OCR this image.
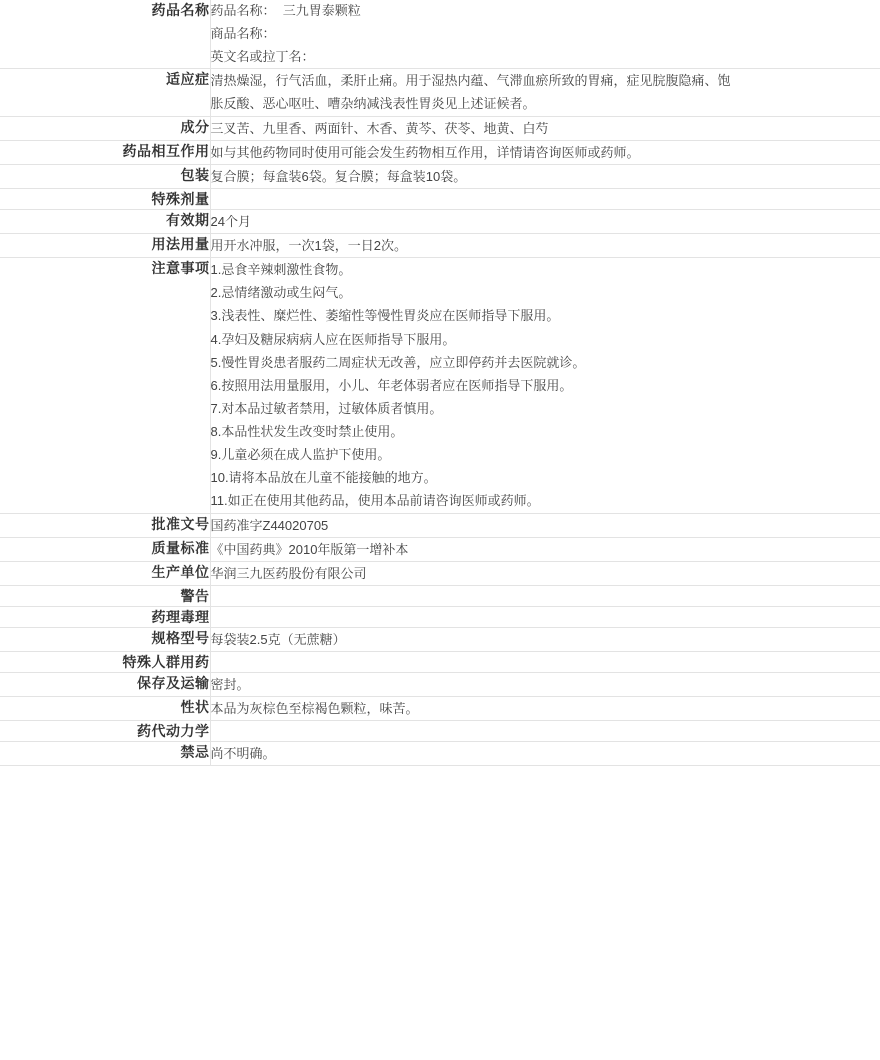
药品名称	药品名称：  三九胃泰颗粒
商品名称：
英文名或拉丁名：

适应症	清热燥湿，行气活血，柔肝止痛。用于湿热内蕴、气滞血瘀所致的胃痛，症见脘腹隐痛、饱
胀反酸、恶心呕吐、嘈杂纳减浅表性胃炎见上述证候者。

成分	三叉苦、九里香、两面针、木香、黄芩、茯苓、地黄、白芍

药品相互作用	如与其他药物同时使用可能会发生药物相互作用，详情请咨询医师或药师。

包装	复合膜；每盒装6袋。复合膜；每盒装10袋。

特殊剂量	

有效期	24个月

用法用量	用开水冲服，一次1袋，一日2次。

注意事项	1.忌食辛辣刺激性食物。
2.忌情绪激动或生闷气。
3.浅表性、糜烂性、萎缩性等慢性胃炎应在医师指导下服用。
4.孕妇及糖尿病病人应在医师指导下服用。
5.慢性胃炎患者服药二周症状无改善，应立即停药并去医院就诊。
6.按照用法用量服用，小儿、年老体弱者应在医师指导下服用。
7.对本品过敏者禁用，过敏体质者慎用。
8.本品性状发生改变时禁止使用。
9.儿童必须在成人监护下使用。
10.请将本品放在儿童不能接触的地方。
11.如正在使用其他药品，使用本品前请咨询医师或药师。

批准文号	国药准字Z44020705

质量标准	《中国药典》2010年版第一增补本

生产单位	华润三九医药股份有限公司

警告	

药理毒理	

规格型号	每袋装2.5克（无蔗糖）

特殊人群用药	

保存及运输	密封。

性状	本品为灰棕色至棕褐色颗粒，味苦。

药代动力学	

禁忌	尚不明确。
